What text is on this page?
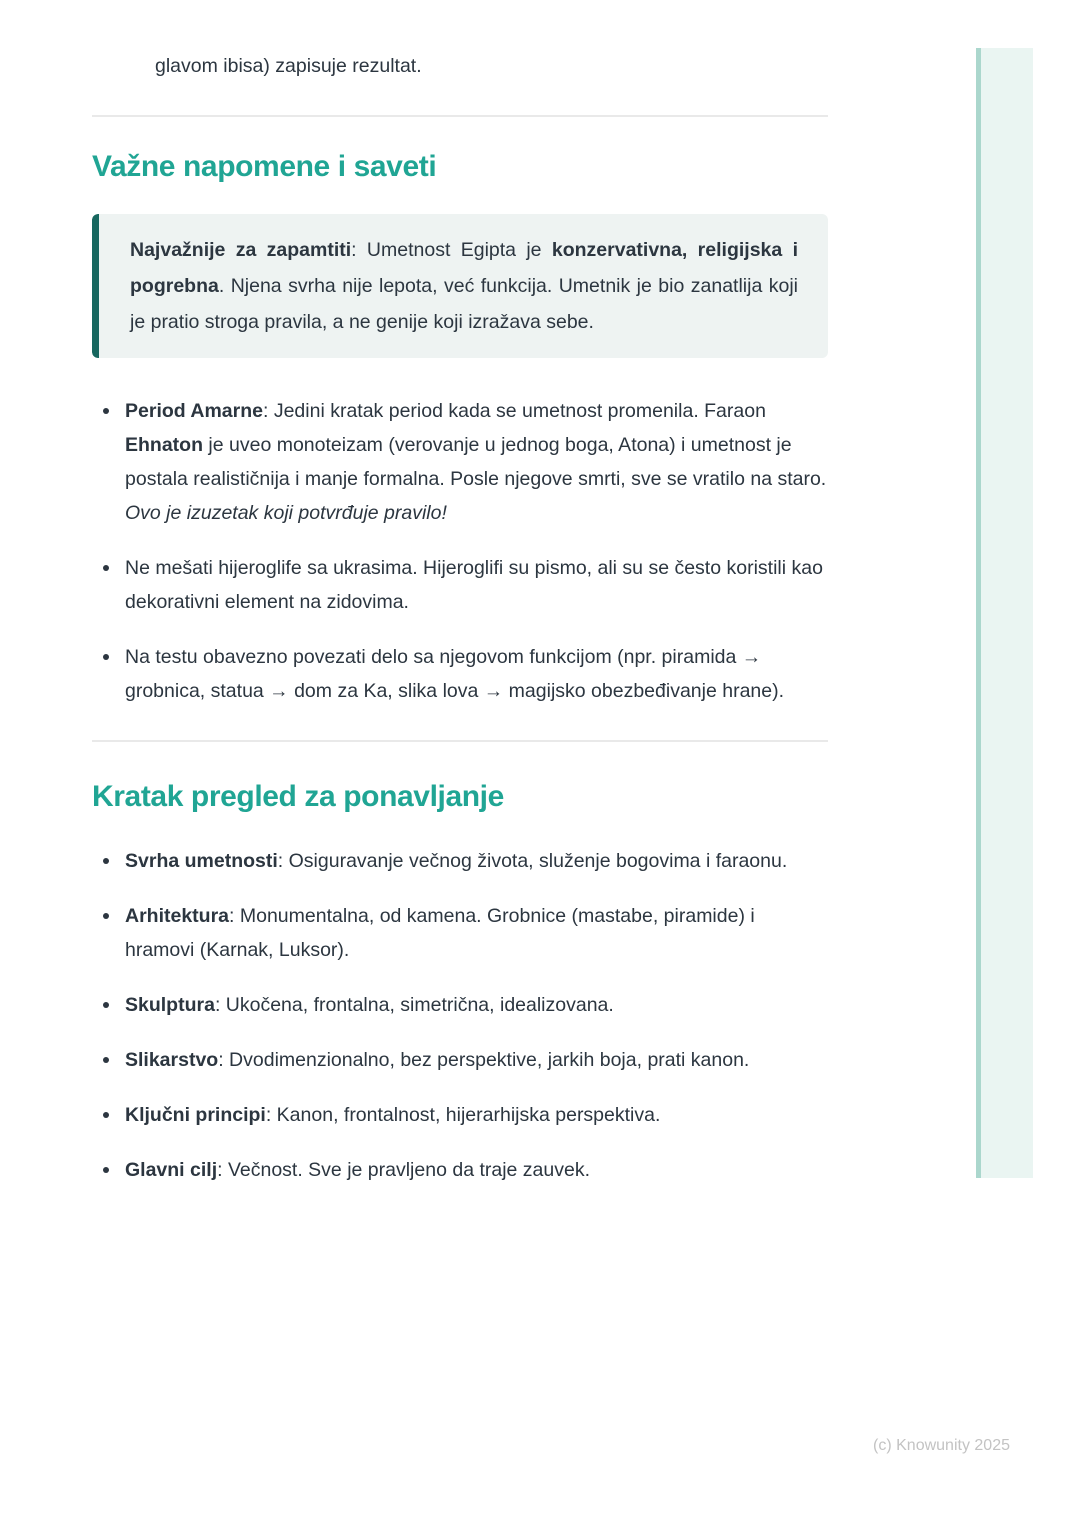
glavom ibisa) zapisuje rezultat.

Važne napomene i saveti
Najvažnije za zapamtiti: Umetnost Egipta je konzervativna, religijska i pogrebna. Njena svrha nije lepota, već funkcija. Umetnik je bio zanatlija koji je pratio stroga pravila, a ne genije koji izražava sebe.
Period Amarne: Jedini kratak period kada se umetnost promenila. Faraon Ehnaton je uveo monoteizam (verovanje u jednog boga, Atona) i umetnost je postala realističnija i manje formalna. Posle njegove smrti, sve se vratilo na staro. Ovo je izuzetak koji potvrđuje pravilo!
Ne mešati hijeroglife sa ukrasima. Hijeroglifi su pismo, ali su se često koristili kao dekorativni element na zidovima.
Na testu obavezno povezati delo sa njegovom funkcijom (npr. piramida → grobnica, statua → dom za Ka, slika lova → magijsko obezbeđivanje hrane).
Kratak pregled za ponavljanje
Svrha umetnosti: Osiguravanje večnog života, služenje bogovima i faraonu.
Arhitektura: Monumentalna, od kamena. Grobnice (mastabe, piramide) i hramovi (Karnak, Luksor).
Skulptura: Ukočena, frontalna, simetrična, idealizovana.
Slikarstvo: Dvodimenzionalno, bez perspektive, jarkih boja, prati kanon.
Ključni principi: Kanon, frontalnost, hijerarhijska perspektiva.
Glavni cilj: Večnost. Sve je pravljeno da traje zauvek.
(c) Knowunity 2025
